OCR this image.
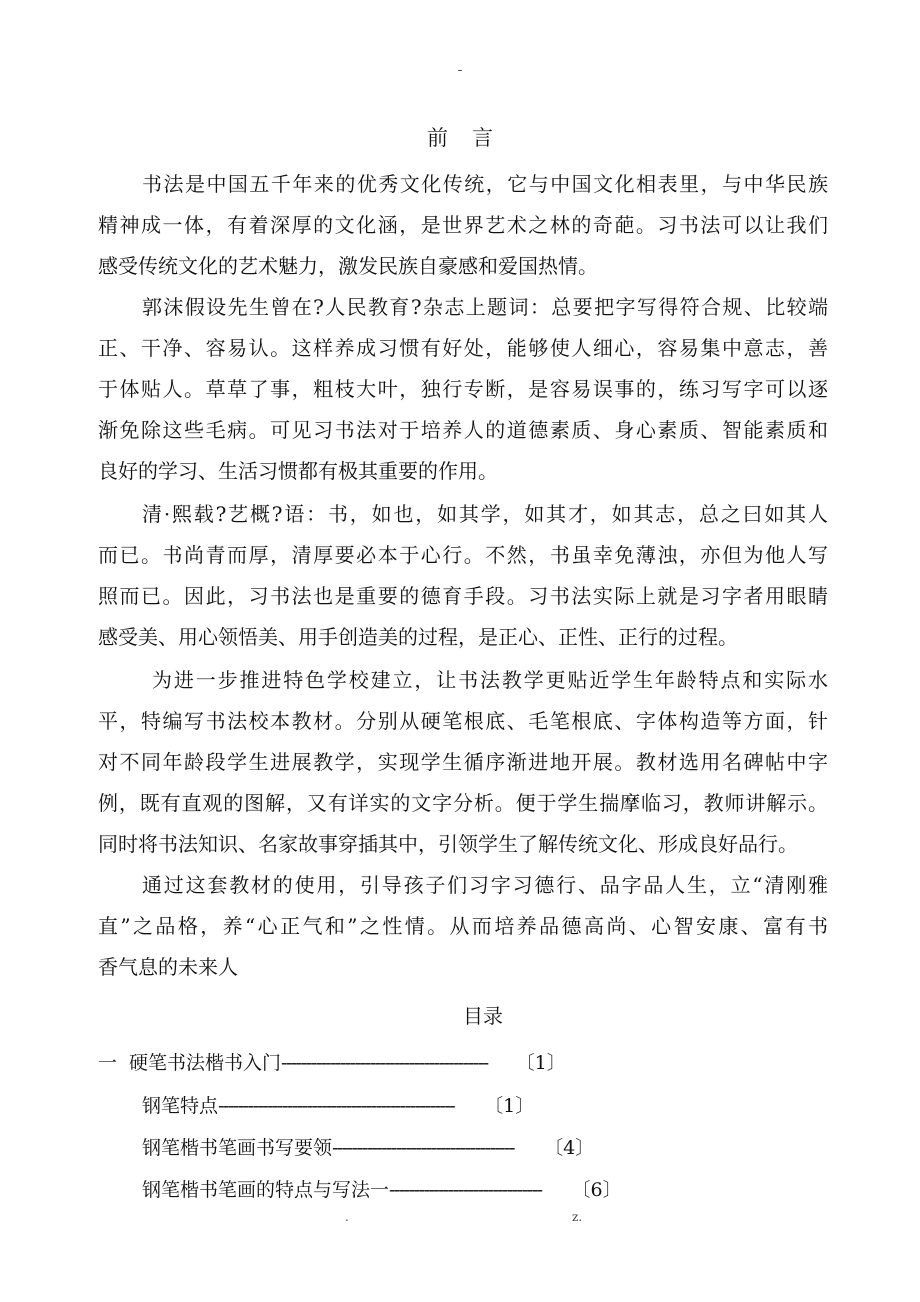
-
前言
书法是中国五千年来的优秀文化传统，它与中国文化相表里，与中华民族
精神成一体，有着深厚的文化涵，是世界艺术之林的奇葩。习书法可以让我们
感受传统文化的艺术魅力，激发民族自豪感和爱国热情。
郭沫假设先生曾在?人民教育?杂志上题词：总要把字写得符合规、比较端
正、干净、容易认。这样养成习惯有好处，能够使人细心，容易集中意志，善
于体贴人。草草了事，粗枝大叶，独行专断，是容易误事的，练习写字可以逐
渐免除这些毛病。可见习书法对于培养人的道德素质、身心素质、智能素质和
良好的学习、生活习惯都有极其重要的作用。
清·熙载?艺概?语：书，如也，如其学，如其才，如其志，总之曰如其人
而已。书尚青而厚，清厚要必本于心行。不然，书虽幸免薄浊，亦但为他人写
照而已。因此，习书法也是重要的德育手段。习书法实际上就是习字者用眼睛
感受美、用心领悟美、用手创造美的过程，是正心、正性、正行的过程。
为进一步推进特色学校建立，让书法教学更贴近学生年龄特点和实际水
平，特编写书法校本教材。分别从硬笔根底、毛笔根底、字体构造等方面，针
对不同年龄段学生进展教学，实现学生循序渐进地开展。教材选用名碑帖中字
例，既有直观的图解，又有详实的文字分析。便于学生揣摩临习，教师讲解示。
同时将书法知识、名家故事穿插其中，引领学生了解传统文化、形成良好品行。
通过这套教材的使用，引导孩子们习字习德行、品字品人生，立“清刚雅
直”之品格，养“心正气和”之性情。从而培养品德高尚、心智安康、富有书
香气息的未来人
目录
一 硬笔书法楷书入门------------------------------------------ 〔1〕
钢笔特点------------------------------------------------ 〔1〕
钢笔楷书笔画书写要领------------------------------------- 〔4〕
钢笔楷书笔画的特点与写法一------------------------------- 〔6〕
.	z.
